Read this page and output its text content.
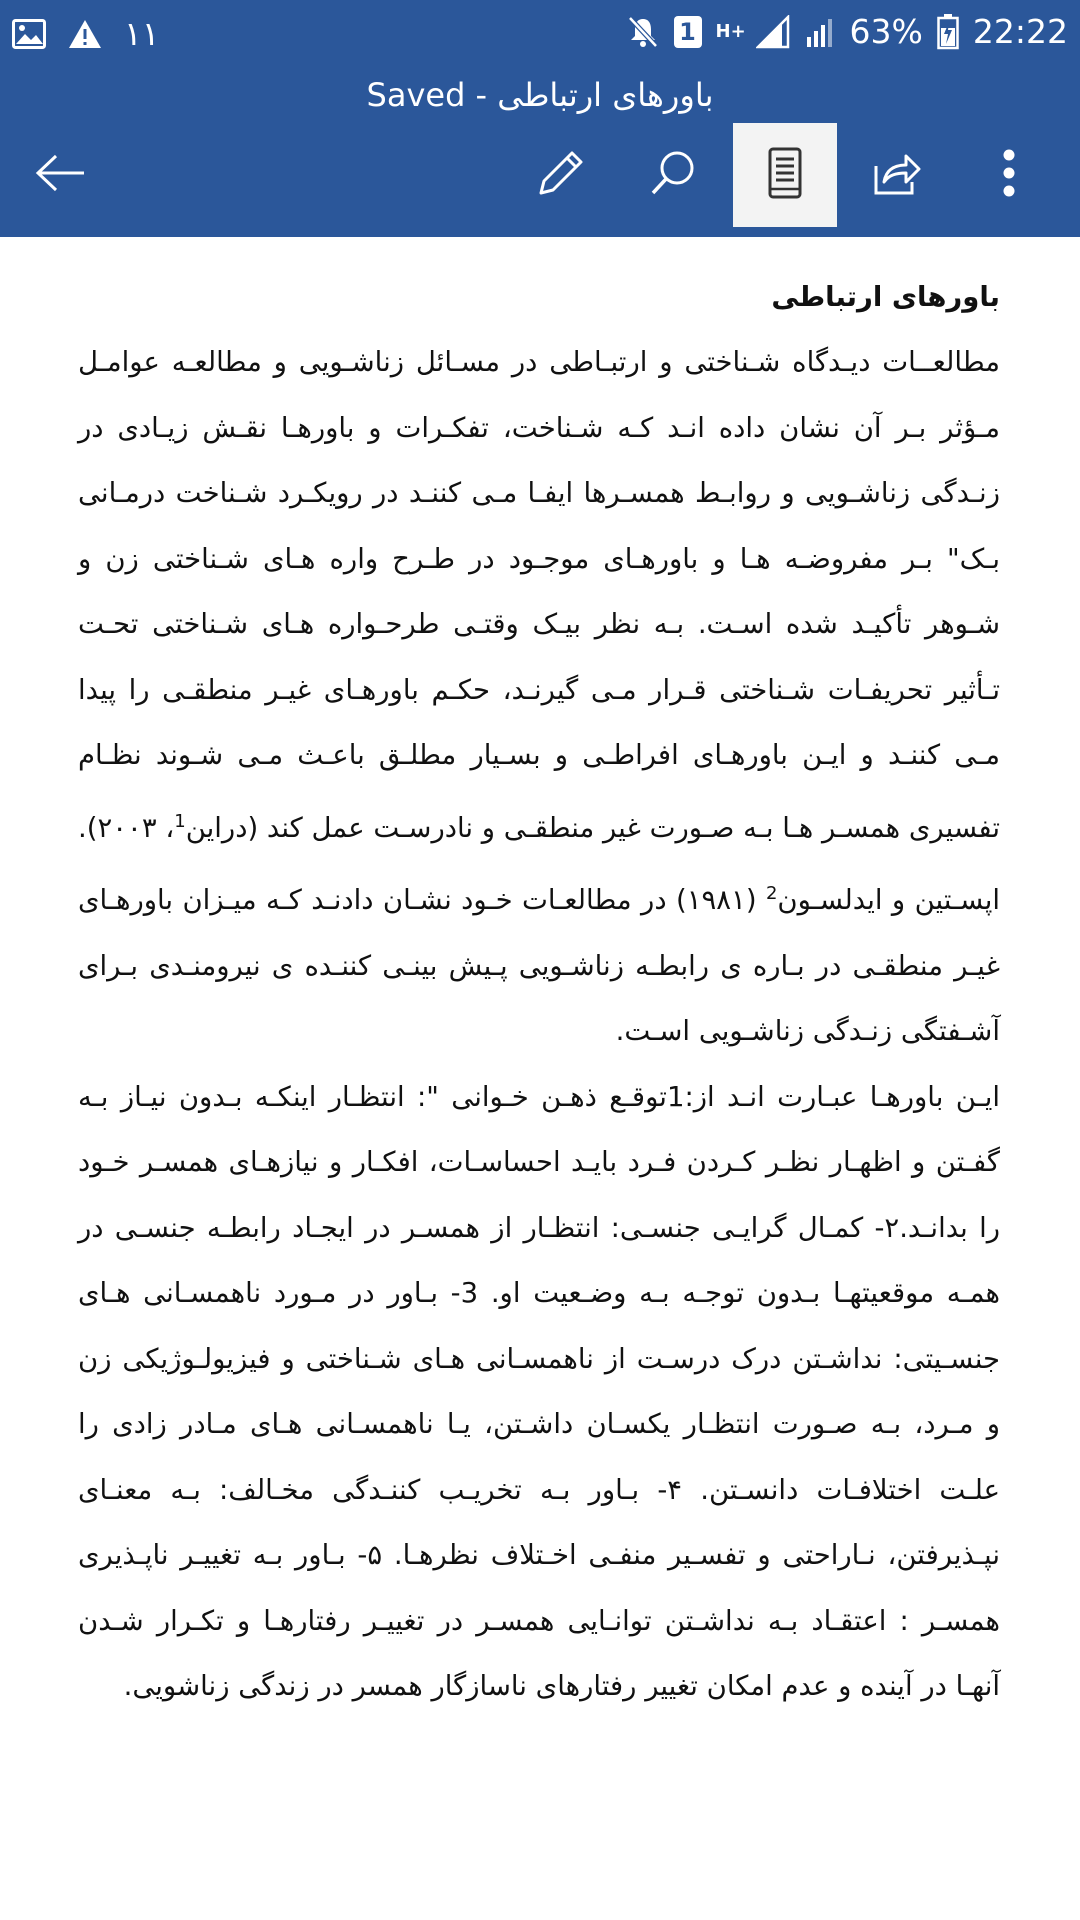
١١	1	H+	63% 22:22
باورهای ارتباطی - Saved

باورهای ارتباطی

مطالعــات دیـدگاه شـناختی و ارتبـاطی در مسـائل زناشـویی و مطالعـه عوامـل مـؤثر بـر آن نشان داده انـد کـه شـناخت، تفکـرات و باورهـا نقـش زیـادی در زنـدگی زناشـویی و روابـط همسـرها ایفـا مـی کننـد در رویکـرد شـناخت درمـانی بـک" بـر مفروضـه هـا و باورهـای موجـود در طـرح واره هـای شـناختی زن و شـوهر تأکیـد شده اسـت. بـه نظر بیـک وقتـی طرحـواره هـای شـناختی تحـت تـأثیر تحریفـات شـناختی قـرار مـی گیرنـد، حکـم باورهـای غیـر منطقـی را پیدا مـی کننـد و ایـن باورهـای افراطـی و بسـیار مطلـق باعـث مـی شـوند نظـام تفسیری همسـر هـا بـه صـورت غیر منطقـی و نادرسـت عمل کند (دراین$^1$، ۲۰۰۳).

اپسـتین و ایدلسـون$^2$ (۱۹۸۱) در مطالعـات خـود نشـان دادنـد کـه میـزان باورهـای غیـر منطقـی در بـاره ی رابطـه زناشـویی پـیش بینـی کننـده ی نیرومنـدی بـرای آشـفتگی زنـدگی زناشـویی اسـت.

ایـن باورهـا عبـارت انـد از:1توقـع ذهـن خـوانی ": انتظـار اینکـه بـدون نیـاز بـه گفـتن و اظهـار نظـر کـردن فـرد بایـد احساسـات، افکـار و نیازهـای همسـر خـود را بدانـد.۲- کمـال گرایـی جنسـی: انتظـار از همسـر در ایجـاد رابطـه جنسـی در همـه موقعیتهـا بـدون توجـه بـه وضـعیت او. 3- بـاور در مـورد ناهمسـانی هـای جنسـیتی: نداشـتن درک درسـت از ناهمسـانی هـای شـناختی و فیزیولـوژیکی زن و مـرد، بـه صـورت انتظـار یکسـان داشـتن، یـا ناهمسـانی هـای مـادر زادی را علـت اختلافـات دانسـتن. ۴- بـاور بـه تخریـب کننـدگی مخـالف: بـه معنـای نپـذیرفتن، نـاراحتی و تفسـیر منفـی اخـتلاف نظرهـا. ۵- بـاور بـه تغییـر ناپـذیری همسـر : اعتقـاد بـه نداشـتن توانـایی همسـر در تغییـر رفتارهـا و تکـرار شـدن آنهـا در آینده و عدم امکان تغییر رفتارهای ناسازگار همسر در زندگی زناشویی.
